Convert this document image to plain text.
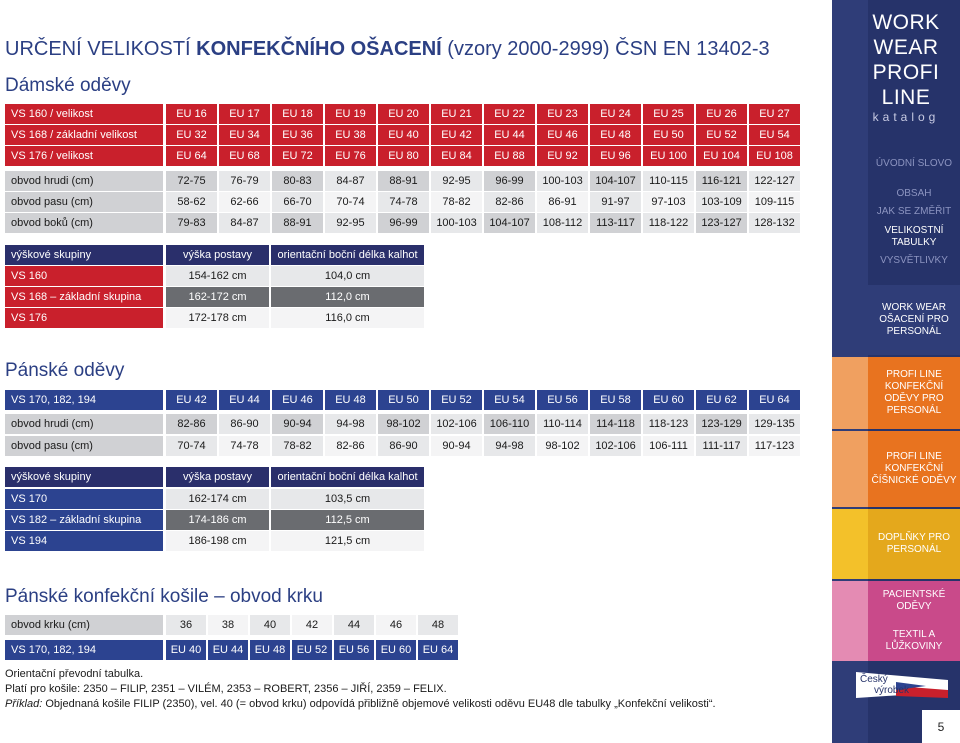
URČENÍ VELIKOSTÍ KONFEKČNÍHO OŠACENÍ (vzory 2000-2999) ČSN EN 13402-3
Dámské oděvy
Pánské oděvy
Pánské konfekční košile – obvod krku
VS 160 / velikost	EU 16	EU 17	EU 18	EU 19	EU 20	EU 21	EU 22	EU 23	EU 24	EU 25	EU 26	EU 27
VS 168 / základní velikost	EU 32	EU 34	EU 36	EU 38	EU 40	EU 42	EU 44	EU 46	EU 48	EU 50	EU 52	EU 54
VS 176 / velikost	EU 64	EU 68	EU 72	EU 76	EU 80	EU 84	EU 88	EU 92	EU 96	EU 100	EU 104	EU 108
obvod hrudi (cm)	72-75	76-79	80-83	84-87	88-91	92-95	96-99	100-103	104-107	110-115	116-121	122-127
obvod pasu (cm)	58-62	62-66	66-70	70-74	74-78	78-82	82-86	86-91	91-97	97-103	103-109	109-115
obvod boků (cm)	79-83	84-87	88-91	92-95	96-99	100-103	104-107	108-112	113-117	118-122	123-127	128-132
výškové skupiny	výška postavy	orientační boční délka kalhot
VS 160	154-162 cm	104,0 cm
VS 168 – základní skupina	162-172 cm	112,0 cm
VS 176	172-178 cm	116,0 cm
VS 170, 182, 194	EU 42	EU 44	EU 46	EU 48	EU 50	EU 52	EU 54	EU 56	EU 58	EU 60	EU 62	EU 64
obvod hrudi (cm)	82-86	86-90	90-94	94-98	98-102	102-106	106-110	110-114	114-118	118-123	123-129	129-135
obvod pasu (cm)	70-74	74-78	78-82	82-86	86-90	90-94	94-98	98-102	102-106	106-111	111-117	117-123
výškové skupiny	výška postavy	orientační boční délka kalhot
VS 170	162-174 cm	103,5 cm
VS 182 – základní skupina	174-186 cm	112,5 cm
VS 194	186-198 cm	121,5 cm
obvod krku (cm)	36	38	40	42	44	46	48
VS 170, 182, 194	EU 40	EU 44	EU 48	EU 52	EU 56	EU 60	EU 64
Orientační převodní tabulka.
Platí pro košile: 2350 – FILIP, 2351 – VILÉM, 2353 – ROBERT, 2356 – JIŘÍ, 2359 – FELIX.
Příklad: Objednaná košile FILIP (2350), vel. 40 (= obvod krku) odpovídá přibližně objemové velikosti oděvu EU48 dle tabulky „Konfekční velikosti“.
WORK
WEAR
PROFI
LINE
katalog
ÚVODNÍ SLOVO
OBSAH
JAK SE ZMĚŘIT
VELIKOSTNÍ TABULKY
VYSVĚTLIVKY
WORK WEAR OŠACENÍ PRO PERSONÁL
PROFI LINE KONFEKČNÍ ODĚVY PRO PERSONÁL
PROFI LINE KONFEKČNÍ ČÍŠNICKÉ ODĚVY
DOPLŇKY PRO PERSONÁL
PACIENTSKÉ ODĚVY
TEXTIL A LŮŽKOVINY
Český
výrobek
5
